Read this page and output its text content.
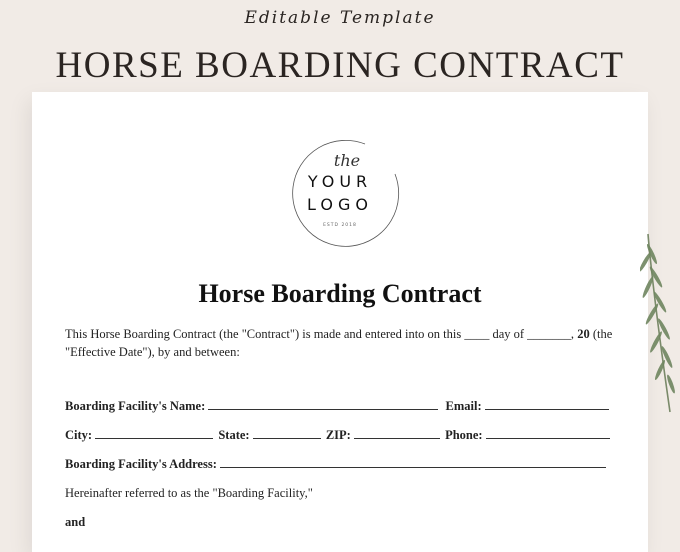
Editable Template
HORSE BOARDING CONTRACT
the
YOUR
LOGO
ESTD 2018
Horse Boarding Contract
This Horse Boarding Contract (the "Contract") is made and entered into on this ____ day of _______, 20 (the
"Effective Date"), by and between:
Boarding Facility's Name:	Email:
City:	State:	ZIP:	Phone:
Boarding Facility's Address:
Hereinafter referred to as the "Boarding Facility,"
and
